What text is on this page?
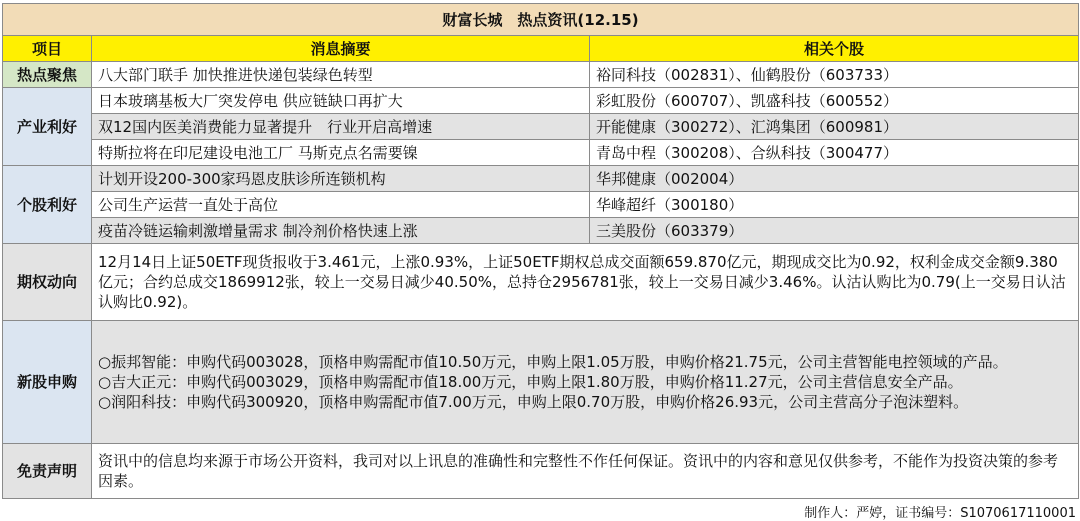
财富长城　热点资讯(12.15)		
项目	消息摘要	相关个股
热点聚焦	八大部门联手 加快推进快递包装绿色转型	裕同科技（002831）、仙鹤股份（603733）
产业利好	日本玻璃基板大厂突发停电 供应链缺口再扩大	彩虹股份（600707）、凯盛科技（600552）
	双12国内医美消费能力显著提升　行业开启高增速	开能健康（300272）、汇鸿集团（600981）
	特斯拉将在印尼建设电池工厂 马斯克点名需要镍	青岛中程（300208）、合纵科技（300477）
个股利好	计划开设200-300家玛恩皮肤诊所连锁机构	华邦健康（002004）
	公司生产运营一直处于高位	华峰超纤（300180）
	疫苗冷链运输刺激增量需求 制冷剂价格快速上涨	三美股份（603379）
期权动向	12月14日上证50ETF现货报收于3.461元，上涨0.93%，上证50ETF期权总成交面额659.870亿元，期现成交比为0.92，权利金成交金额9.380亿元；合约总成交1869912张，较上一交易日减少40.50%，总持仓2956781张，较上一交易日减少3.46%。认沽认购比为0.79(上一交易日认沽认购比0.92)。	
新股申购	○振邦智能：申购代码003028，顶格申购需配市值10.50万元，申购上限1.05万股，申购价格21.75元，公司主营智能电控领域的产品。
○吉大正元：申购代码003029，顶格申购需配市值18.00万元，申购上限1.80万股，申购价格11.27元，公司主营信息安全产品。
○润阳科技：申购代码300920，顶格申购需配市值7.00万元，申购上限0.70万股，申购价格26.93元，公司主营高分子泡沫塑料。	

免责声明	资讯中的信息均来源于市场公开资料，我司对以上讯息的准确性和完整性不作任何保证。资讯中的内容和意见仅供参考，不能作为投资决策的参考因素。	
制作人：严婷，证书编号：S1070617110001
